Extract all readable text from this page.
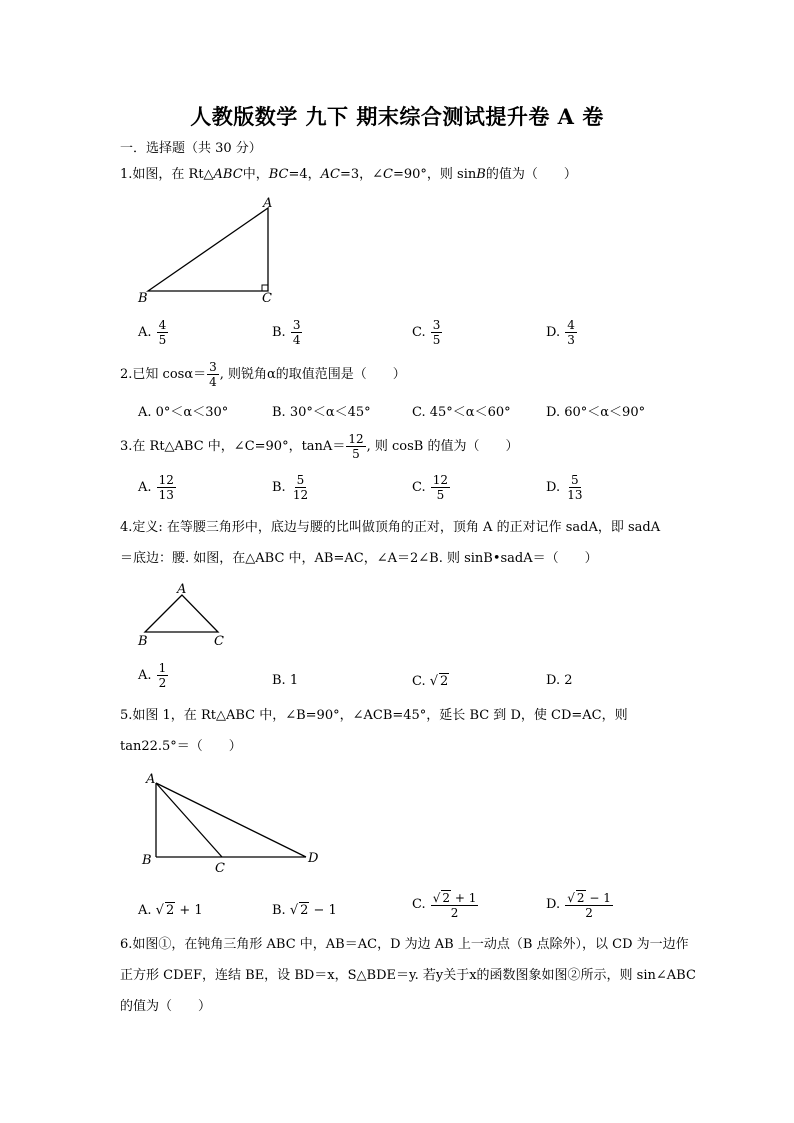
人教版数学 九下 期末综合测试提升卷 A 卷
一．选择题（共 30 分）
1.如图，在 Rt△ABC中，BC=4，AC=3，∠C=90°，则 sinB的值为（　　）
A
B	C
A.
$\frac{4}{5}$	B.
$\frac{3}{4}$	C.
$\frac{3}{5}$	D.
$\frac{4}{3}$
2.已知 $\cos\alpha= \frac{3}{4}$ , 则锐角α的取值范围是（　　）
A. 0°＜α＜30°	B. 30°＜α＜45°	C. 45°＜α＜60°	D. 60°＜α＜90°
3.在 Rt△ABC 中，∠C=90°，$\tan A= \frac{12}{5}$ , 则 cosB 的值为（　　）
A.
$\frac{12}{13}$	B.
$\frac{5}{12}$	C.
$\frac{12}{5}$	D.
$\frac{5}{13}$
4.定义: 在等腰三角形中，底边与腰的比叫做顶角的正对，顶角 A 的正对记作 sadA，即 sadA
＝底边：腰. 如图，在△ABC 中，AB=AC，∠A＝2∠B. 则 sinB•sadA＝（　　）
A
B	C
A.
$\frac{1}{2}$	B. 1	C. √ 2	D. 2
5.如图 1，在 Rt△ABC 中，∠B=90°，∠ACB=45°，延长 BC 到 D，使 CD=AC，则
tan22.5°＝（　　）
A
B
C
D
A. √ 2 + 1	B. √ 2 − 1	C.
$\frac{√ 2 + 1}{2}$	D.
$\frac{√ 2 - 1}{2}$
6.如图①，在钝角三角形 ABC 中，AB＝AC，D 为边 AB 上一动点（B 点除外），以 CD 为一边作
正方形 CDEF，连结 BE，设 BD＝x，S△BDE＝y. 若y关于x的函数图象如图②所示，则 sin∠ABC
的值为（　　）
